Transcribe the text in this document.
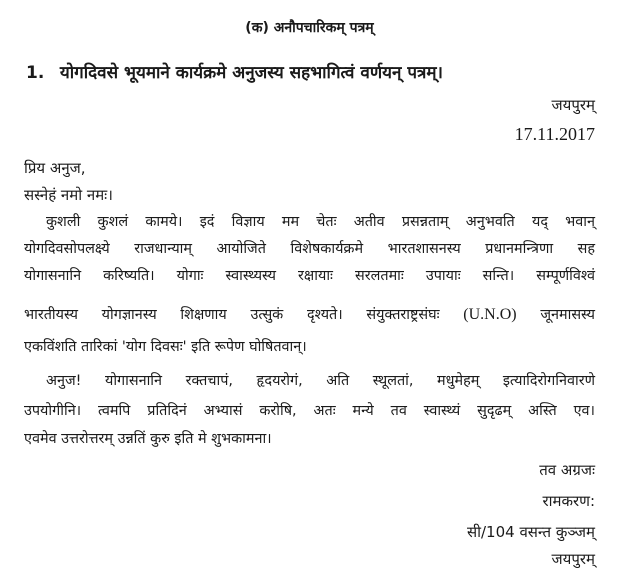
(क) अनौपचारिकम् पत्रम्
1. योगदिवसे भूयमाने कार्यक्रमे अनुजस्य सहभागित्वं वर्णयन् पत्रम्।
जयपुरम्
17.11.2017
प्रिय अनुज,
सस्नेहं नमो नमः।
कुशली कुशलं कामये। इदं विज्ञाय मम चेतः अतीव प्रसन्नताम् अनुभवति यद् भवान्
योगदिवसोपलक्ष्ये राजधान्याम् आयोजिते विशेषकार्यक्रमे भारतशासनस्य प्रधानमन्त्रिणा सह
योगासनानि करिष्यति। योगाः स्वास्थ्यस्य रक्षायाः सरलतमाः उपायाः सन्ति। सम्पूर्णविश्वं
भारतीयस्य योगज्ञानस्य शिक्षणाय उत्सुकं दृश्यते। संयुक्तराष्ट्रसंघः (U.N.O) जूनमासस्य
एकविंशति तारिकां 'योग दिवसः' इति रूपेण घोषितवान्।
अनुज! योगासनानि रक्तचापं, हृदयरोगं, अति स्थूलतां, मधुमेहम् इत्यादिरोगनिवारणे
उपयोगीनि। त्वमपि प्रतिदिनं अभ्यासं करोषि, अतः मन्ये तव स्वास्थ्यं सुदृढम् अस्ति एव।
एवमेव उत्तरोत्तरम् उन्नतिं कुरु इति मे शुभकामना।
तव अग्रजः
रामकरण:
सी/104 वसन्त कुञ्जम्
जयपुरम्
